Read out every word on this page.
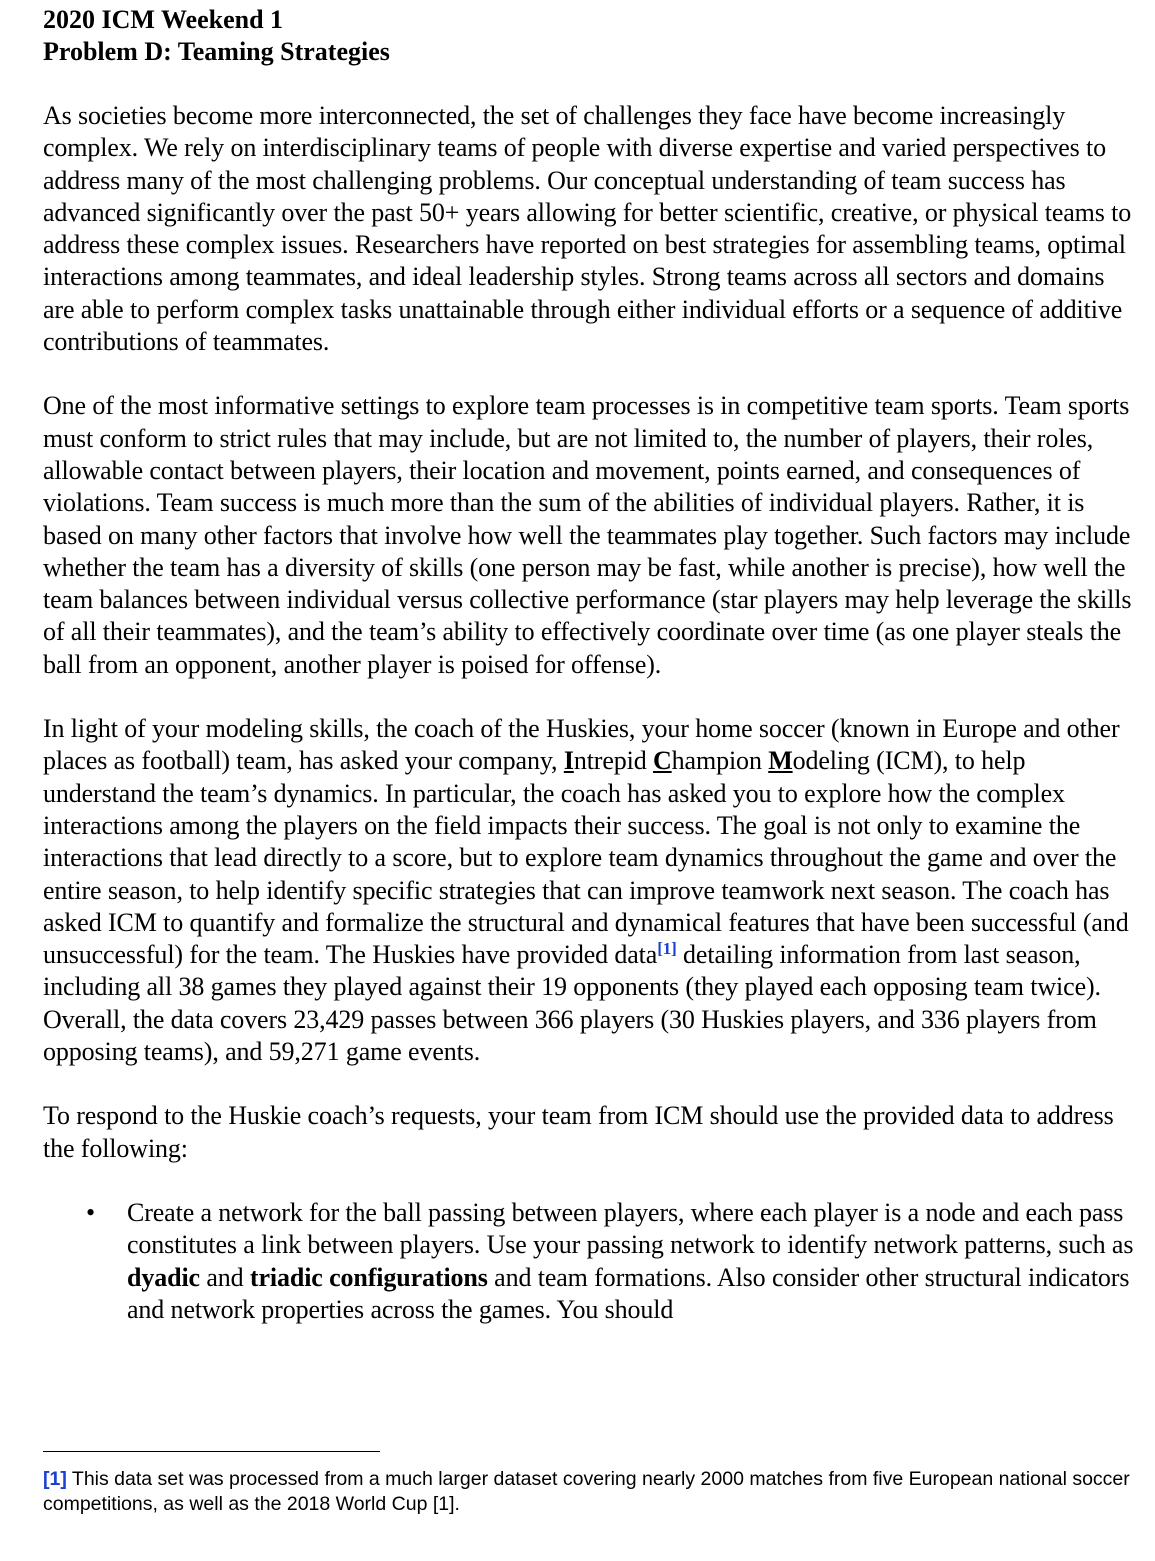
2020 ICM Weekend 1
Problem D: Teaming Strategies

As societies become more interconnected, the set of challenges they face have become increasingly complex. We rely on interdisciplinary teams of people with diverse expertise and varied perspectives to address many of the most challenging problems. Our conceptual understanding of team success has advanced significantly over the past 50+ years allowing for better scientific, creative, or physical teams to address these complex issues. Researchers have reported on best strategies for assembling teams, optimal interactions among teammates, and ideal leadership styles. Strong teams across all sectors and domains are able to perform complex tasks unattainable through either individual efforts or a sequence of additive contributions of teammates.

One of the most informative settings to explore team processes is in competitive team sports. Team sports must conform to strict rules that may include, but are not limited to, the number of players, their roles, allowable contact between players, their location and movement, points earned, and consequences of violations. Team success is much more than the sum of the abilities of individual players. Rather, it is based on many other factors that involve how well the teammates play together. Such factors may include whether the team has a diversity of skills (one person may be fast, while another is precise), how well the team balances between individual versus collective performance (star players may help leverage the skills of all their teammates), and the team’s ability to effectively coordinate over time (as one player steals the ball from an opponent, another player is poised for offense).

In light of your modeling skills, the coach of the Huskies, your home soccer (known in Europe and other places as football) team, has asked your company, Intrepid Champion Modeling (ICM), to help understand the team’s dynamics. In particular, the coach has asked you to explore how the complex interactions among the players on the field impacts their success. The goal is not only to examine the interactions that lead directly to a score, but to explore team dynamics throughout the game and over the entire season, to help identify specific strategies that can improve teamwork next season. The coach has asked ICM to quantify and formalize the structural and dynamical features that have been successful (and unsuccessful) for the team. The Huskies have provided data[1] detailing information from last season, including all 38 games they played against their 19 opponents (they played each opposing team twice). Overall, the data covers 23,429 passes between 366 players (30 Huskies players, and 336 players from opposing teams), and 59,271 game events.

To respond to the Huskie coach’s requests, your team from ICM should use the provided data to address the following:

• Create a network for the ball passing between players, where each player is a node and each pass constitutes a link between players. Use your passing network to identify network patterns, such as dyadic and triadic configurations and team formations. Also consider other structural indicators and network properties across the games. You should

[1] This data set was processed from a much larger dataset covering nearly 2000 matches from five European national soccer competitions, as well as the 2018 World Cup [1].
